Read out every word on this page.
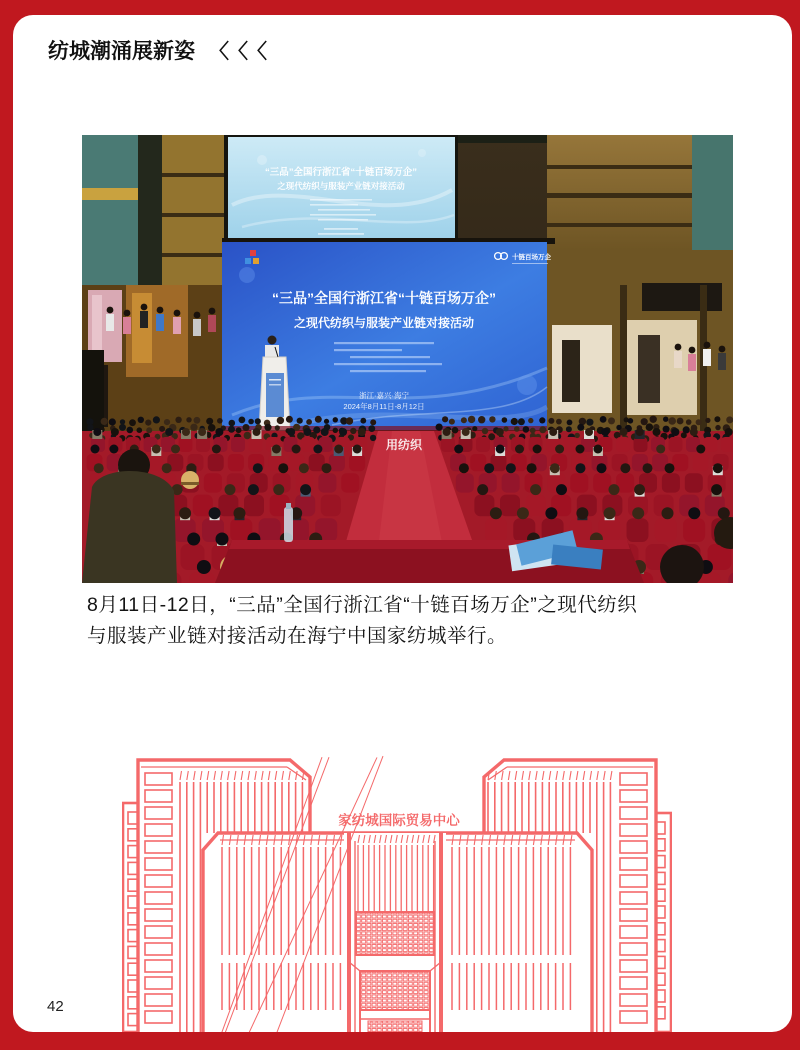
纺城潮涌展新姿 〈〈〈
“三品”全国行浙江省“十链百场万企”
之现代纺织与服装产业链对接活动
十链百场万企
“三品”全国行浙江省“十链百场万企”
之现代纺织与服装产业链对接活动
浙江·嘉兴·海宁
2024年8月11日-8月12日
用纺织
8月11日-12日，“三品”全国行浙江省“十链百场万企”之现代纺织
与服装产业链对接活动在海宁中国家纺城举行。
家纺城国际贸易中心
42
